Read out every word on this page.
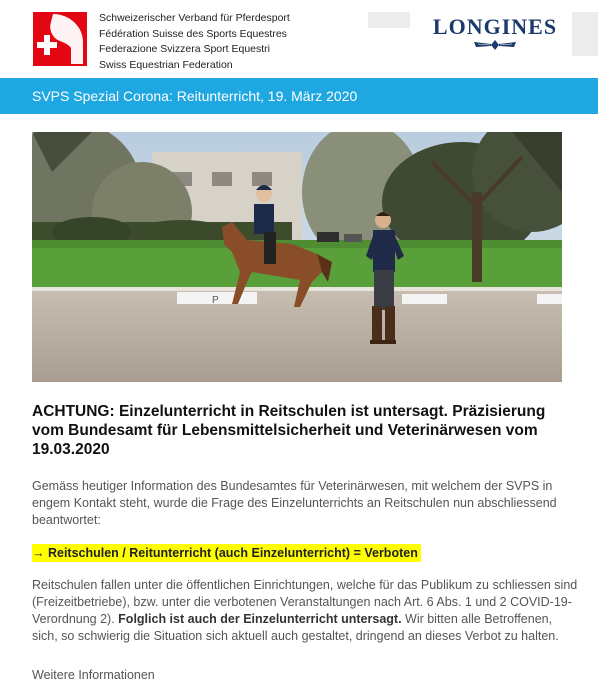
Schweizerischer Verband für Pferdesport
Fédération Suisse des Sports Equestres
Federazione Svizzera Sport Equestri
Swiss Equestrian Federation
LONGINES
SVPS Spezial Corona: Reitunterricht, 19. März 2020
P
ACHTUNG: Einzelunterricht in Reitschulen ist untersagt. Präzisierung vom Bundesamt für Lebensmittelsicherheit und Veterinärwesen vom 19.03.2020
Gemäss heutiger Information des Bundesamtes für Veterinärwesen, mit welchem der SVPS in engem Kontakt steht, wurde die Frage des Einzelunterrichts an Reitschulen nun abschliessend beantwortet:
→ Reitschulen / Reitunterricht (auch Einzelunterricht) = Verboten
Reitschulen fallen unter die öffentlichen Einrichtungen, welche für das Publikum zu schliessen sind (Freizeitbetriebe), bzw. unter die verbotenen Veranstaltungen nach Art. 6 Abs. 1 und 2 COVID-19-Verordnung 2). Folglich ist auch der Einzelunterricht untersagt. Wir bitten alle Betroffenen, sich, so schwierig die Situation sich aktuell auch gestaltet, dringend an dieses Verbot zu halten.
Weitere Informationen
